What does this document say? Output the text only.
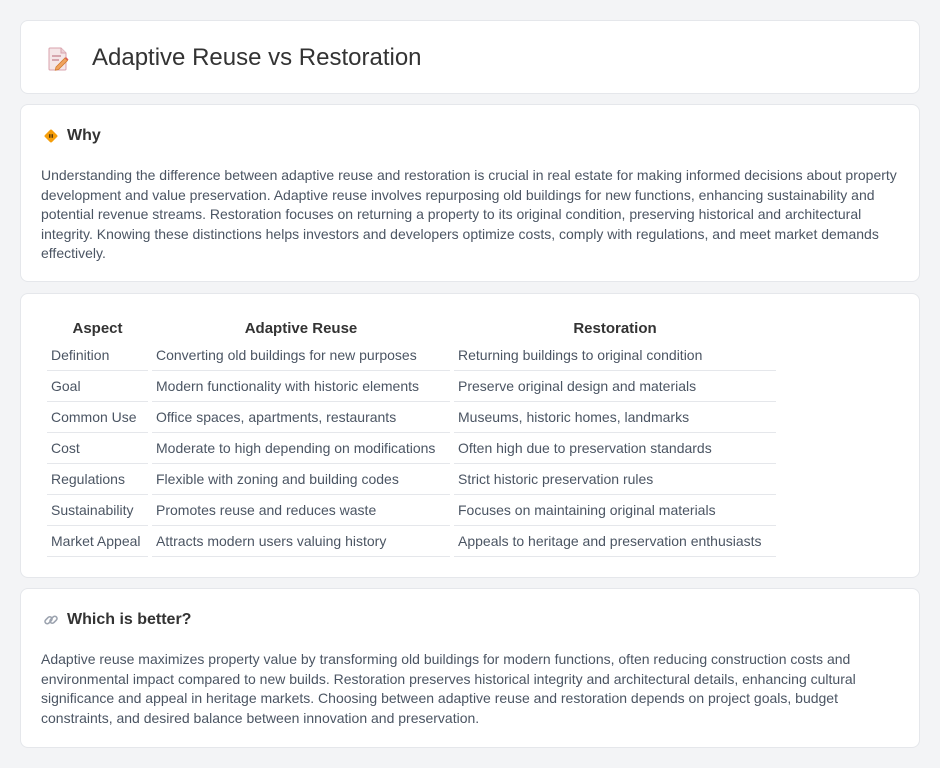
Adaptive Reuse vs Restoration
Why

Understanding the difference between adaptive reuse and restoration is crucial in real estate for making informed decisions about property development and value preservation. Adaptive reuse involves repurposing old buildings for new functions, enhancing sustainability and potential revenue streams. Restoration focuses on returning a property to its original condition, preserving historical and architectural integrity. Knowing these distinctions helps investors and developers optimize costs, comply with regulations, and meet market demands effectively.

Aspect	Adaptive Reuse	Restoration
Definition	Converting old buildings for new purposes	Returning buildings to original condition
Goal	Modern functionality with historic elements	Preserve original design and materials
Common Use	Office spaces, apartments, restaurants	Museums, historic homes, landmarks
Cost	Moderate to high depending on modifications	Often high due to preservation standards
Regulations	Flexible with zoning and building codes	Strict historic preservation rules
Sustainability	Promotes reuse and reduces waste	Focuses on maintaining original materials
Market Appeal	Attracts modern users valuing history	Appeals to heritage and preservation enthusiasts
Which is better?

Adaptive reuse maximizes property value by transforming old buildings for modern functions, often reducing construction costs and environmental impact compared to new builds. Restoration preserves historical integrity and architectural details, enhancing cultural significance and appeal in heritage markets. Choosing between adaptive reuse and restoration depends on project goals, budget constraints, and desired balance between innovation and preservation.
